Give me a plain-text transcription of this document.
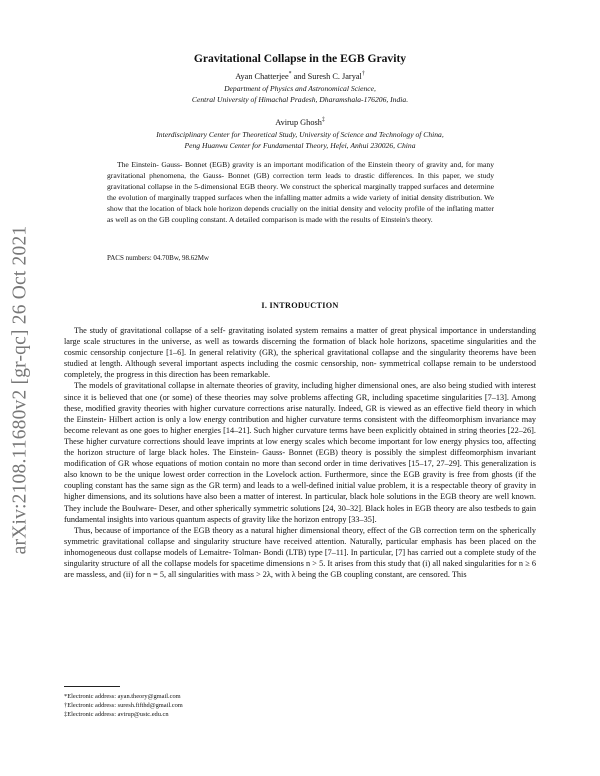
arXiv:2108.11680v2 [gr-qc] 26 Oct 2021
Gravitational Collapse in the EGB Gravity
Ayan Chatterjee* and Suresh C. Jaryal†
Department of Physics and Astronomical Science,
Central University of Himachal Pradesh, Dharamshala-176206, India.
Avirup Ghosh‡
Interdisciplinary Center for Theoretical Study, University of Science and Technology of China,
Peng Huanwu Center for Fundamental Theory, Hefei, Anhui 230026, China

The Einstein- Gauss- Bonnet (EGB) gravity is an important modification of the Einstein theory of gravity and, for many gravitational phenomena, the Gauss- Bonnet (GB) correction term leads to drastic differences. In this paper, we study gravitational collapse in the 5-dimensional EGB theory. We construct the spherical marginally trapped surfaces and determine the evolution of marginally trapped surfaces when the infalling matter admits a wide variety of initial density distribution. We show that the location of black hole horizon depends crucially on the initial density and velocity profile of the inflating matter as well as on the GB coupling constant. A detailed comparison is made with the results of Einstein's theory.

PACS numbers: 04.70Bw, 98.62Mw
I. INTRODUCTION

The study of gravitational collapse of a self- gravitating isolated system remains a matter of great physical importance in understanding large scale structures in the universe, as well as towards discerning the formation of black hole horizons, spacetime singularities and the cosmic censorship conjecture [1–6]. In general relativity (GR), the spherical gravitational collapse and the singularity theorems have been studied at length. Although several important aspects including the cosmic censorship, non- symmetrical collapse remain to be understood completely, the progress in this direction has been remarkable.

The models of gravitational collapse in alternate theories of gravity, including higher dimensional ones, are also being studied with interest since it is believed that one (or some) of these theories may solve problems affecting GR, including spacetime singularities [7–13]. Among these, modified gravity theories with higher curvature corrections arise naturally. Indeed, GR is viewed as an effective field theory in which the Einstein- Hilbert action is only a low energy contribution and higher curvature terms consistent with the diffeomorphism invariance may become relevant as one goes to higher energies [14–21]. Such higher curvature terms have been explicitly obtained in string theories [22–26]. These higher curvature corrections should leave imprints at low energy scales which become important for low energy physics too, affecting the horizon structure of large black holes. The Einstein- Gauss- Bonnet (EGB) theory is possibly the simplest diffeomorphism invariant modification of GR whose equations of motion contain no more than second order in time derivatives [15–17, 27–29]. This generalization is also known to be the unique lowest order correction in the Lovelock action. Furthermore, since the EGB gravity is free from ghosts (if the coupling constant has the same sign as the GR term) and leads to a well-defined initial value problem, it is a respectable theory of gravity in higher dimensions, and its solutions have also been a matter of interest. In particular, black hole solutions in the EGB theory are well known. They include the Boulware- Deser, and other spherically symmetric solutions [24, 30–32]. Black holes in EGB theory are also testbeds to gain fundamental insights into various quantum aspects of gravity like the horizon entropy [33–35].

Thus, because of importance of the EGB theory as a natural higher dimensional theory, effect of the GB correction term on the spherically symmetric gravitational collapse and singularity structure have received attention. Naturally, particular emphasis has been placed on the inhomogeneous dust collapse models of Lemaitre- Tolman- Bondi (LTB) type [7–11]. In particular, [7] has carried out a complete study of the singularity structure of all the collapse models for spacetime dimensions n > 5. It arises from this study that (i) all naked singularities for n ≥ 6 are massless, and (ii) for n = 5, all singularities with mass > 2λ, with λ being the GB coupling constant, are censored. This

*Electronic address: ayan.theory@gmail.com
†Electronic address: suresh.fifthd@gmail.com
‡Electronic address: avirup@ustc.edu.cn
